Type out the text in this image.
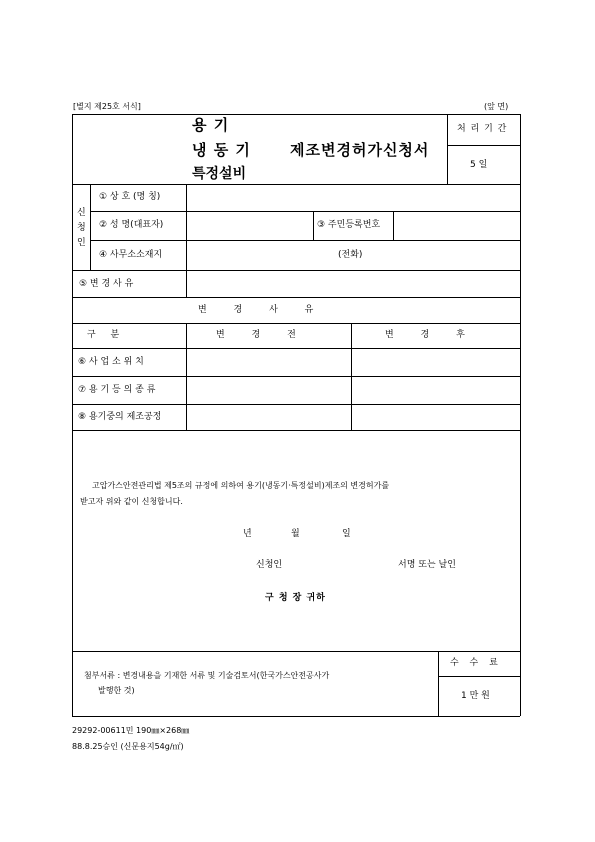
[별지 제25호 서식]	(앞 면)
용 기
냉 동 기
특정설비
제조변경허가신청서
처 리 기 간
5 일
신
청
인
① 상 호 (명 칭)
② 성 명(대표자)	③ 주민등록번호
④ 사무소소재지	(전화)
⑤ 변 경 사 유
변 경 사 유
구 분	변 경 전	변 경 후
⑥ 사 업 소 위 치
⑦ 용 기 등 의 종 류
⑧ 용기중의 제조공정
고압가스안전관리법 제5조의 규정에 의하여 용기(냉동기·특정설비)제조의 변경허가를
받고자 위와 같이 신청합니다.
년	월	일
신청인	서명 또는 날인
구 청 장 귀하
첨부서류 : 변경내용을 기재한 서류 및 기술검토서(한국가스안전공사가
발행한 것)
수 수 료
1 만 원
29292-00611민 190㎜×268㎜
88.8.25승인 (신문용지54g/㎡)
